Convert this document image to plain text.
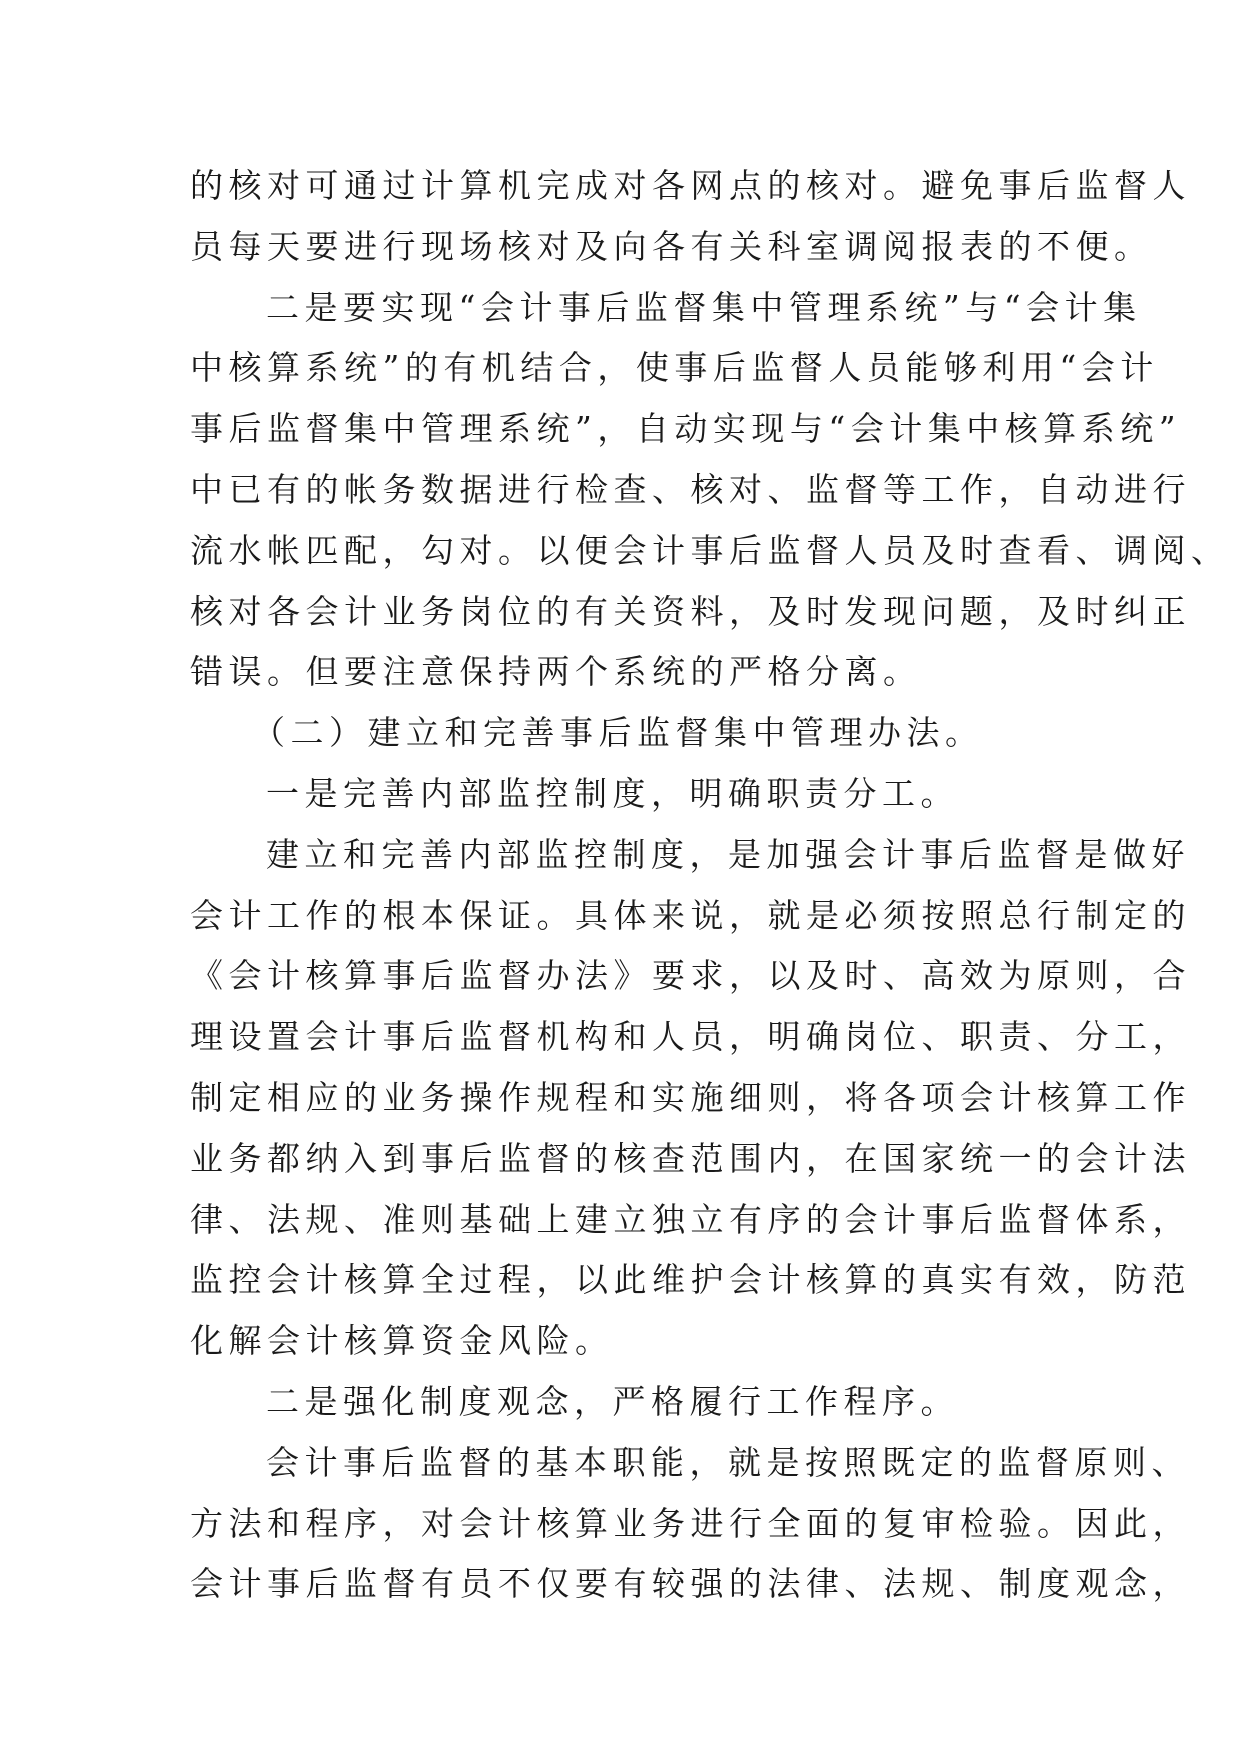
的核对可通过计算机完成对各网点的核对。避免事后监督人
员每天要进行现场核对及向各有关科室调阅报表的不便。
二是要实现“会计事后监督集中管理系统”与“会计集
中核算系统”的有机结合，使事后监督人员能够利用“会计
事后监督集中管理系统”，自动实现与“会计集中核算系统”
中已有的帐务数据进行检查、核对、监督等工作，自动进行
流水帐匹配，勾对。以便会计事后监督人员及时查看、调阅、
核对各会计业务岗位的有关资料，及时发现问题，及时纠正
错误。但要注意保持两个系统的严格分离。
（二）建立和完善事后监督集中管理办法。
一是完善内部监控制度，明确职责分工。
建立和完善内部监控制度，是加强会计事后监督是做好
会计工作的根本保证。具体来说，就是必须按照总行制定的
《会计核算事后监督办法》要求，以及时、高效为原则，合
理设置会计事后监督机构和人员，明确岗位、职责、分工，
制定相应的业务操作规程和实施细则，将各项会计核算工作
业务都纳入到事后监督的核查范围内，在国家统一的会计法
律、法规、准则基础上建立独立有序的会计事后监督体系，
监控会计核算全过程，以此维护会计核算的真实有效，防范
化解会计核算资金风险。
二是强化制度观念，严格履行工作程序。
会计事后监督的基本职能，就是按照既定的监督原则、
方法和程序，对会计核算业务进行全面的复审检验。因此，
会计事后监督有员不仅要有较强的法律、法规、制度观念，
